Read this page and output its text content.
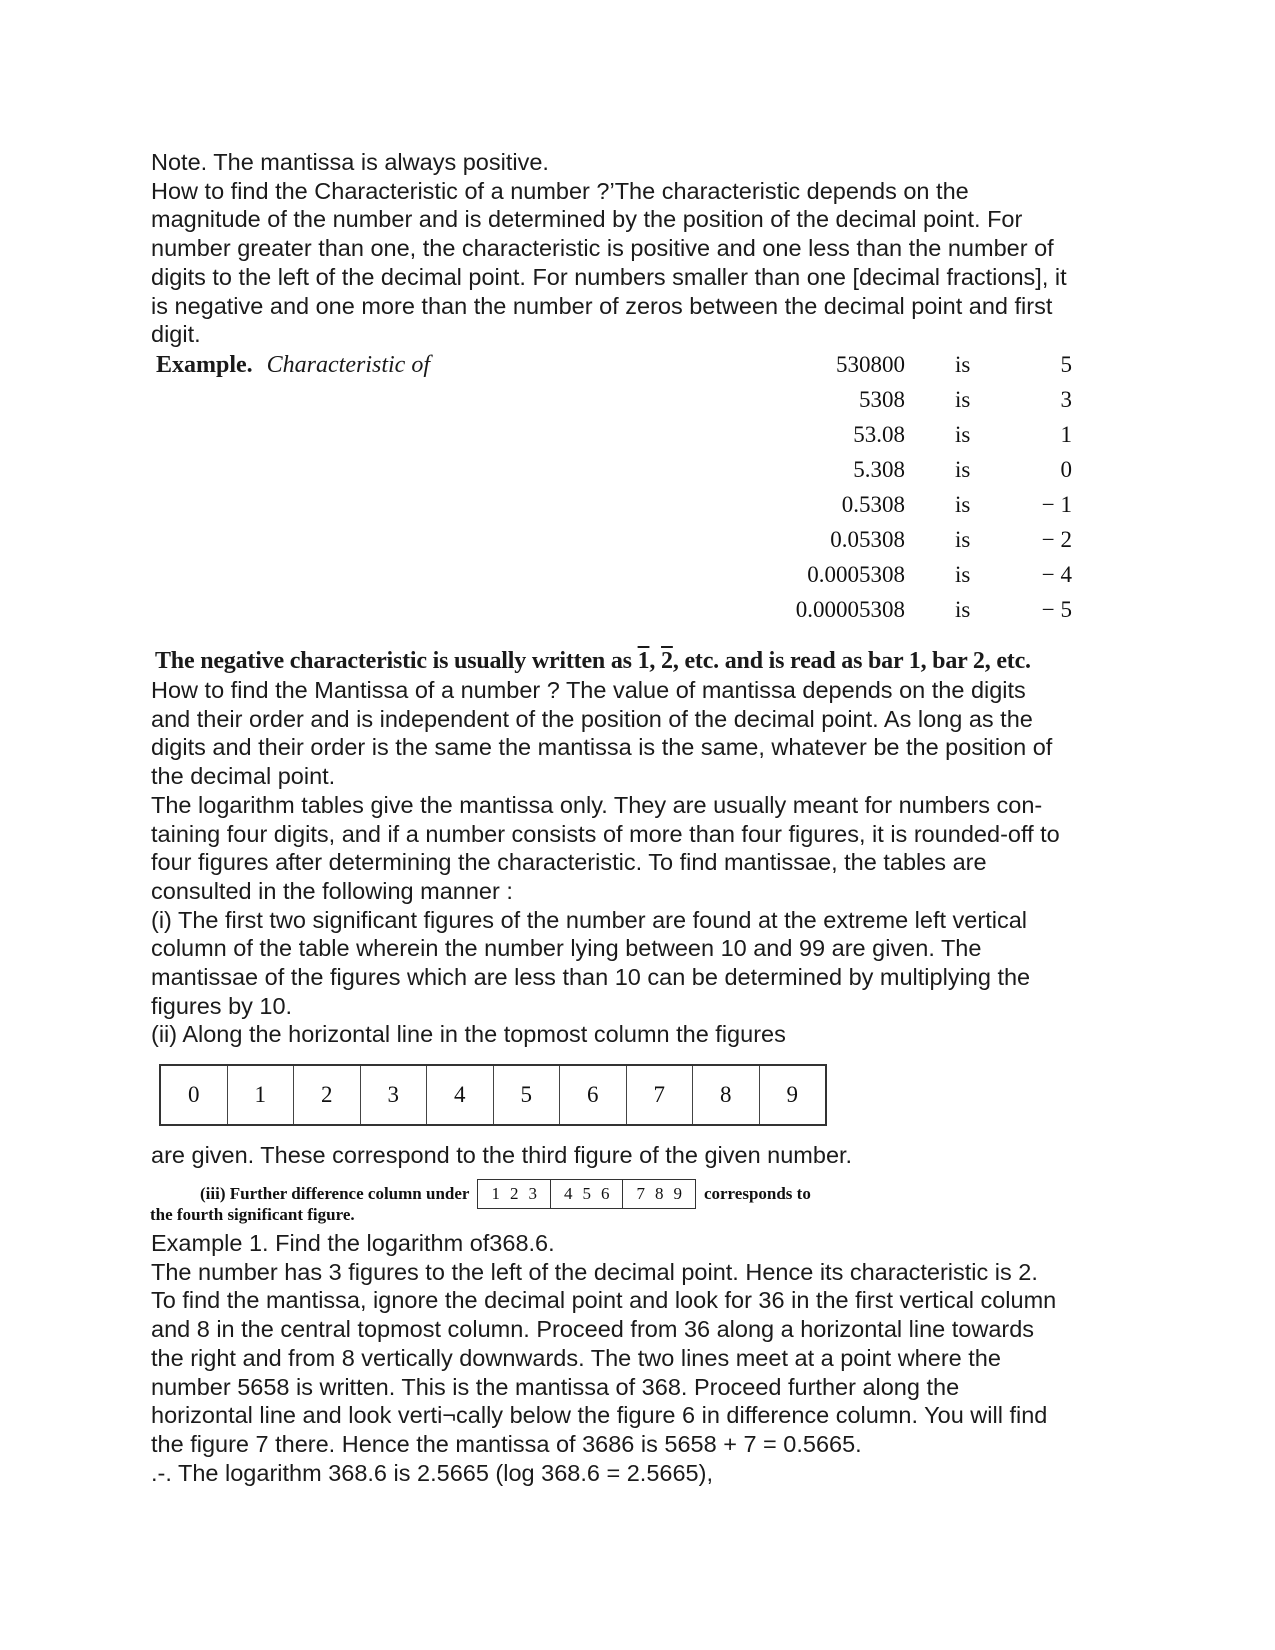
Note. The mantissa is always positive.

How to find the Characteristic of a number ?’The characteristic depends on the

magnitude of the number and is determined by the position of the decimal point. For

number greater than one, the characteristic is positive and one less than the number of

digits to the left of the decimal point. For numbers smaller than one [decimal fractions], it

is negative and one more than the number of zeros between the decimal point and first

digit.

Example. Characteristic of	530800 is	5
5308 is	3
53.08 is	1
5.308 is	0
0.5308 is	− 1
0.05308 is	− 2
0.0005308 is	− 4
0.00005308 is	− 5
The negative characteristic is usually written as 1, 2, etc. and is read as bar 1, bar 2, etc.

How to find the Mantissa of a number ? The value of mantissa depends on the digits

and their order and is independent of the position of the decimal point. As long as the

digits and their order is the same the mantissa is the same, whatever be the position of

the decimal point.

The logarithm tables give the mantissa only. They are usually meant for numbers con-

taining four digits, and if a number consists of more than four figures, it is rounded-off to

four figures after determining the characteristic. To find mantissae, the tables are

consulted in the following manner :

(i) The first two significant figures of the number are found at the extreme left vertical

column of the table wherein the number lying between 10 and 99 are given. The

mantissae of the figures which are less than 10 can be determined by multiplying the

figures by 10.

(ii) Along the horizontal line in the topmost column the figures

0	1	2	3	4	5	6	7	8	9

are given. These correspond to the third figure of the given number.

(iii) Further difference column under 1 2 3 4 5 6 7 8 9 corresponds to
the fourth significant figure.

Example 1. Find the logarithm of368.6.

The number has 3 figures to the left of the decimal point. Hence its characteristic is 2.

To find the mantissa, ignore the decimal point and look for 36 in the first vertical column

and 8 in the central topmost column. Proceed from 36 along a horizontal line towards

the right and from 8 vertically downwards. The two lines meet at a point where the

number 5658 is written. This is the mantissa of 368. Proceed further along the

horizontal line and look verti¬cally below the figure 6 in difference column. You will find

the figure 7 there. Hence the mantissa of 3686 is 5658 + 7 = 0.5665.

.-. The logarithm 368.6 is 2.5665 (log 368.6 = 2.5665),
